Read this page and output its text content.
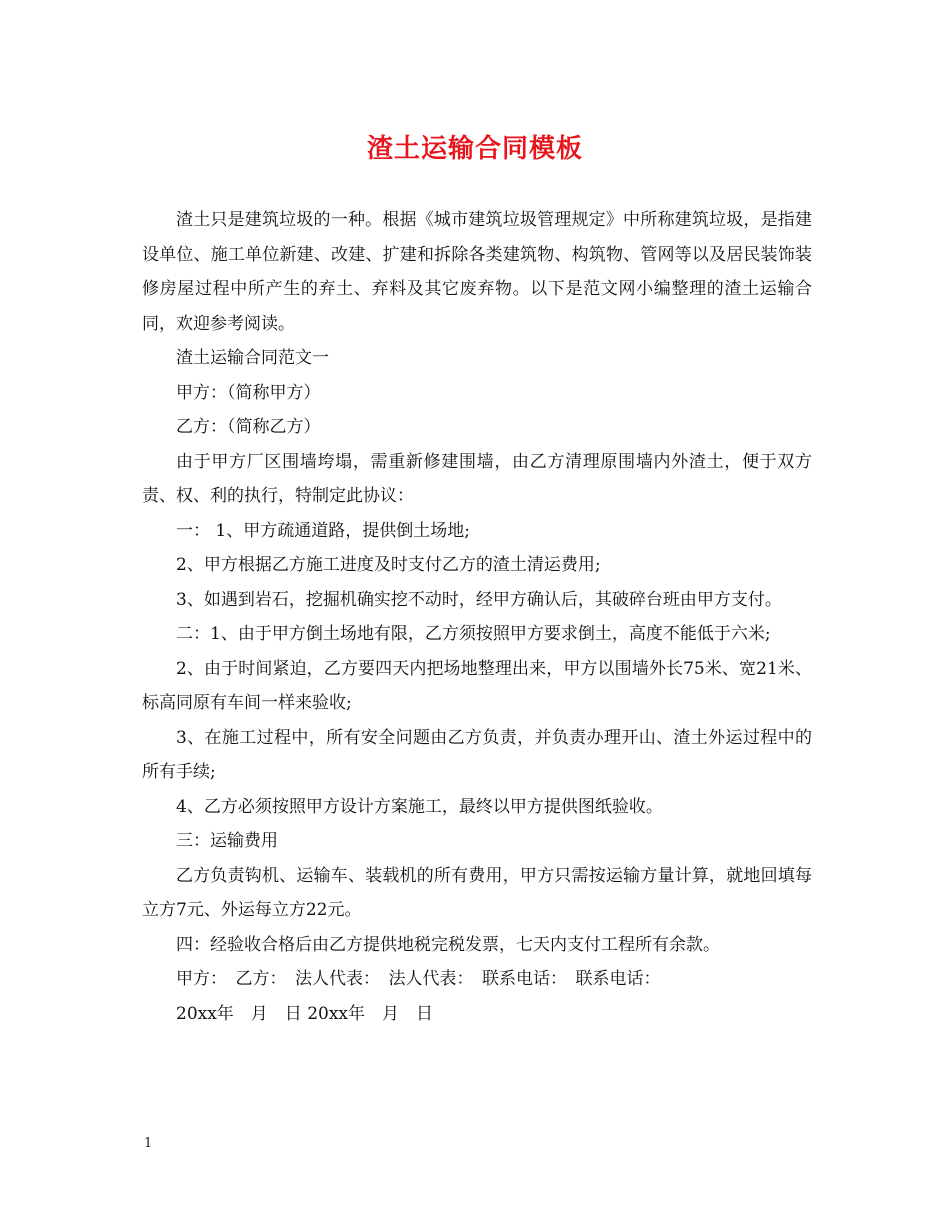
渣土运输合同模板

渣土只是建筑垃圾的一种。根据《城市建筑垃圾管理规定》中所称建筑垃圾，是指建设单位、施工单位新建、改建、扩建和拆除各类建筑物、构筑物、管网等以及居民装饰装修房屋过程中所产生的弃土、弃料及其它废弃物。以下是范文网小编整理的渣土运输合同，欢迎参考阅读。

渣土运输合同范文一

甲方：（简称甲方）

乙方：（简称乙方）

由于甲方厂区围墙垮塌，需重新修建围墙，由乙方清理原围墙内外渣土，便于双方责、权、利的执行，特制定此协议：

一： 1、甲方疏通道路，提供倒土场地;

2、甲方根据乙方施工进度及时支付乙方的渣土清运费用;

3、如遇到岩石，挖掘机确实挖不动时，经甲方确认后，其破碎台班由甲方支付。

二：1、由于甲方倒土场地有限，乙方须按照甲方要求倒土，高度不能低于六米;

2、由于时间紧迫，乙方要四天内把场地整理出来，甲方以围墙外长75米、宽21米、标高同原有车间一样来验收;

3、在施工过程中，所有安全问题由乙方负责，并负责办理开山、渣土外运过程中的所有手续;

4、乙方必须按照甲方设计方案施工，最终以甲方提供图纸验收。

三：运输费用

乙方负责钩机、运输车、装载机的所有费用，甲方只需按运输方量计算，就地回填每立方7元、外运每立方22元。

四：经验收合格后由乙方提供地税完税发票，七天内支付工程所有余款。

甲方：　乙方：　法人代表：　法人代表：　联系电话：　联系电话：

20xx年　月　日 20xx年　月　日

1
